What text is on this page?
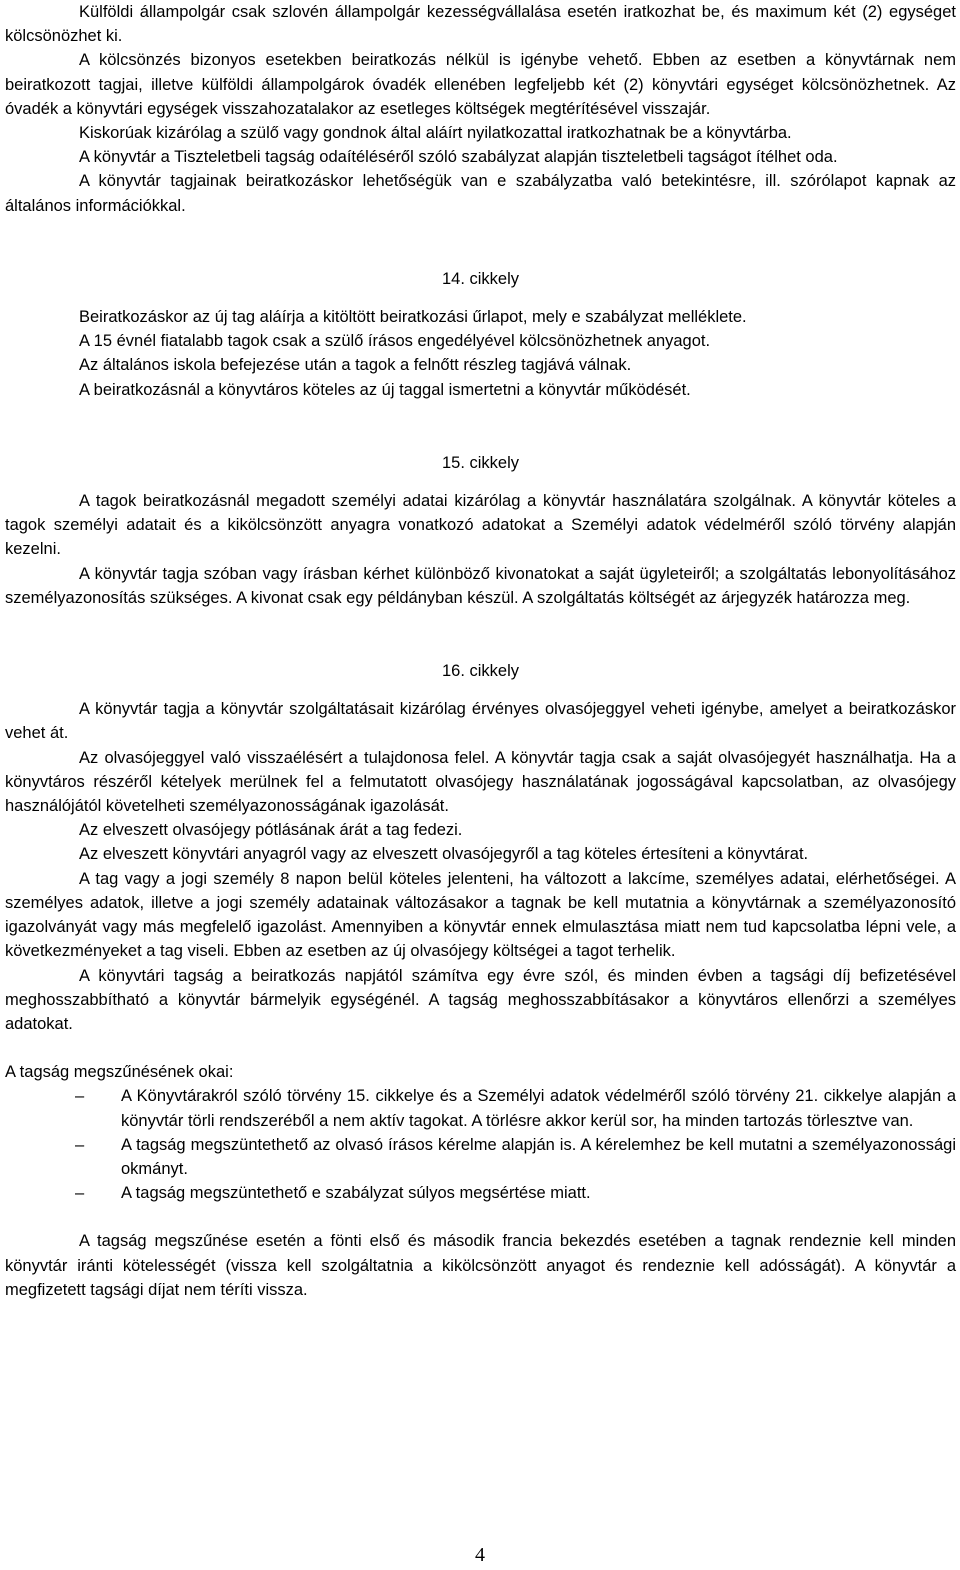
Külföldi állampolgár csak szlovén állampolgár kezességvállalása esetén iratkozhat be, és maximum két (2) egységet kölcsönözhet ki.

A kölcsönzés bizonyos esetekben beiratkozás nélkül is igénybe vehető. Ebben az esetben a könyvtárnak nem beiratkozott tagjai, illetve külföldi állampolgárok óvadék ellenében legfeljebb két (2) könyvtári egységet kölcsönözhetnek. Az óvadék a könyvtári egységek visszahozatalakor az esetleges költségek megtérítésével visszajár.

Kiskorúak kizárólag a szülő vagy gondnok által aláírt nyilatkozattal iratkozhatnak be a könyvtárba.

A könyvtár a Tiszteletbeli tagság odaítéléséről szóló szabályzat alapján tiszteletbeli tagságot ítélhet oda.

A könyvtár tagjainak beiratkozáskor lehetőségük van e szabályzatba való betekintésre, ill. szórólapot kapnak az általános információkkal.

14. cikkely

Beiratkozáskor az új tag aláírja a kitöltött beiratkozási űrlapot, mely e szabályzat melléklete.

A 15 évnél fiatalabb tagok csak a szülő írásos engedélyével kölcsönözhetnek anyagot.

Az általános iskola befejezése után a tagok a felnőtt részleg tagjává válnak.

A beiratkozásnál a könyvtáros köteles az új taggal ismertetni a könyvtár működését.

15. cikkely

A tagok beiratkozásnál megadott személyi adatai kizárólag a könyvtár használatára szolgálnak. A könyvtár köteles a tagok személyi adatait és a kikölcsönzött anyagra vonatkozó adatokat a Személyi adatok védelméről szóló törvény alapján kezelni.

A könyvtár tagja szóban vagy írásban kérhet különböző kivonatokat a saját ügyleteiről; a szolgáltatás lebonyolításához személyazonosítás szükséges. A kivonat csak egy példányban készül. A szolgáltatás költségét az árjegyzék határozza meg.

16. cikkely

A könyvtár tagja a könyvtár szolgáltatásait kizárólag érvényes olvasójeggyel veheti igénybe, amelyet a beiratkozáskor vehet át.

Az olvasójeggyel való visszaélésért a tulajdonosa felel. A könyvtár tagja csak a saját olvasójegyét használhatja. Ha a könyvtáros részéről kételyek merülnek fel a felmutatott olvasójegy használatának jogosságával kapcsolatban, az olvasójegy használójától követelheti személyazonosságának igazolását.

Az elveszett olvasójegy pótlásának árát a tag fedezi.

Az elveszett könyvtári anyagról vagy az elveszett olvasójegyről a tag köteles értesíteni a könyvtárat.

A tag vagy a jogi személy 8 napon belül köteles jelenteni, ha változott a lakcíme, személyes adatai, elérhetőségei. A személyes adatok, illetve a jogi személy adatainak változásakor a tagnak be kell mutatnia a könyvtárnak a személyazonosító igazolványát vagy más megfelelő igazolást. Amennyiben a könyvtár ennek elmulasztása miatt nem tud kapcsolatba lépni vele, a következményeket a tag viseli. Ebben az esetben az új olvasójegy költségei a tagot terhelik.

A könyvtári tagság a beiratkozás napjától számítva egy évre szól, és minden évben a tagsági díj befizetésével meghosszabbítható a könyvtár bármelyik egységénél. A tagság meghosszabbításakor a könyvtáros ellenőrzi a személyes adatokat.

A tagság megszűnésének okai:

– A Könyvtárakról szóló törvény 15. cikkelye és a Személyi adatok védelméről szóló törvény 21. cikkelye alapján a könyvtár törli rendszeréből a nem aktív tagokat. A törlésre akkor kerül sor, ha minden tartozás törlesztve van.
– A tagság megszüntethető az olvasó írásos kérelme alapján is. A kérelemhez be kell mutatni a személyazonossági okmányt.
– A tagság megszüntethető e szabályzat súlyos megsértése miatt.

A tagság megszűnése esetén a fönti első és második francia bekezdés esetében a tagnak rendeznie kell minden könyvtár iránti kötelességét (vissza kell szolgáltatnia a kikölcsönzött anyagot és rendeznie kell adósságát). A könyvtár a megfizetett tagsági díjat nem téríti vissza.

4
